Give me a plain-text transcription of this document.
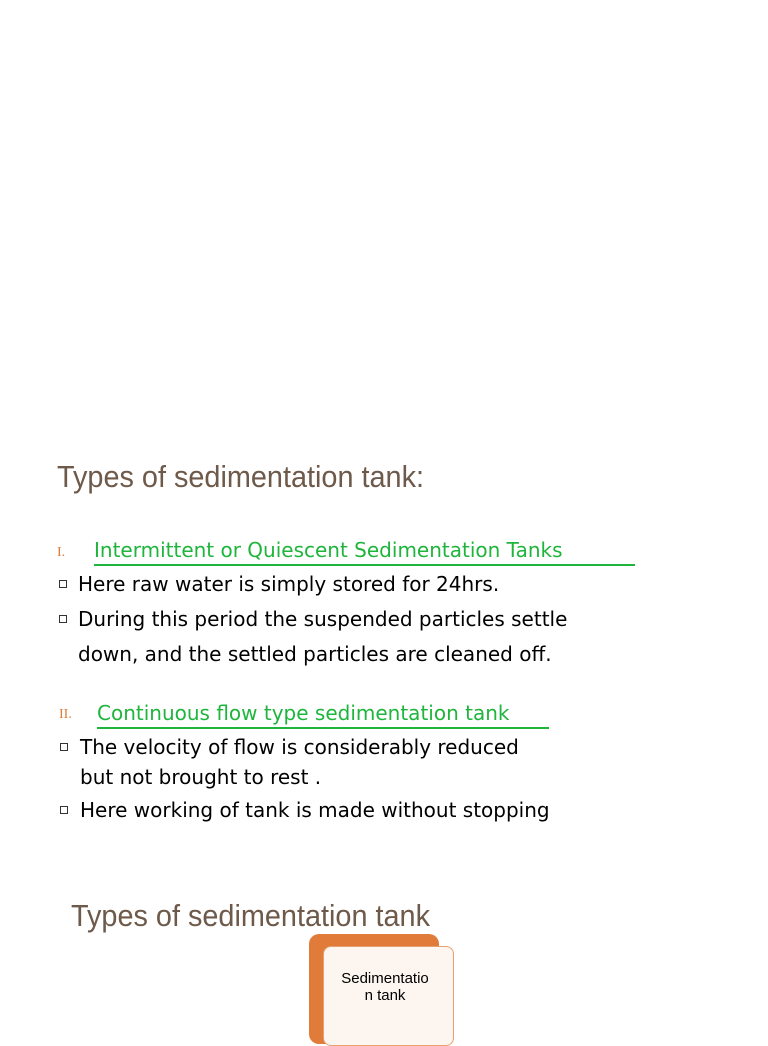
Types of sedimentation tank:
I. Intermittent or Quiescent Sedimentation Tanks
Here raw water is simply stored for 24hrs.
During this period the suspended particles settle
down, and the settled particles are cleaned off.
II. Continuous flow type sedimentation tank
The velocity of flow is considerably reduced
but not brought to rest .
Here working of tank is made without stopping
Types of sedimentation tank
Sedimentatio
n tank
